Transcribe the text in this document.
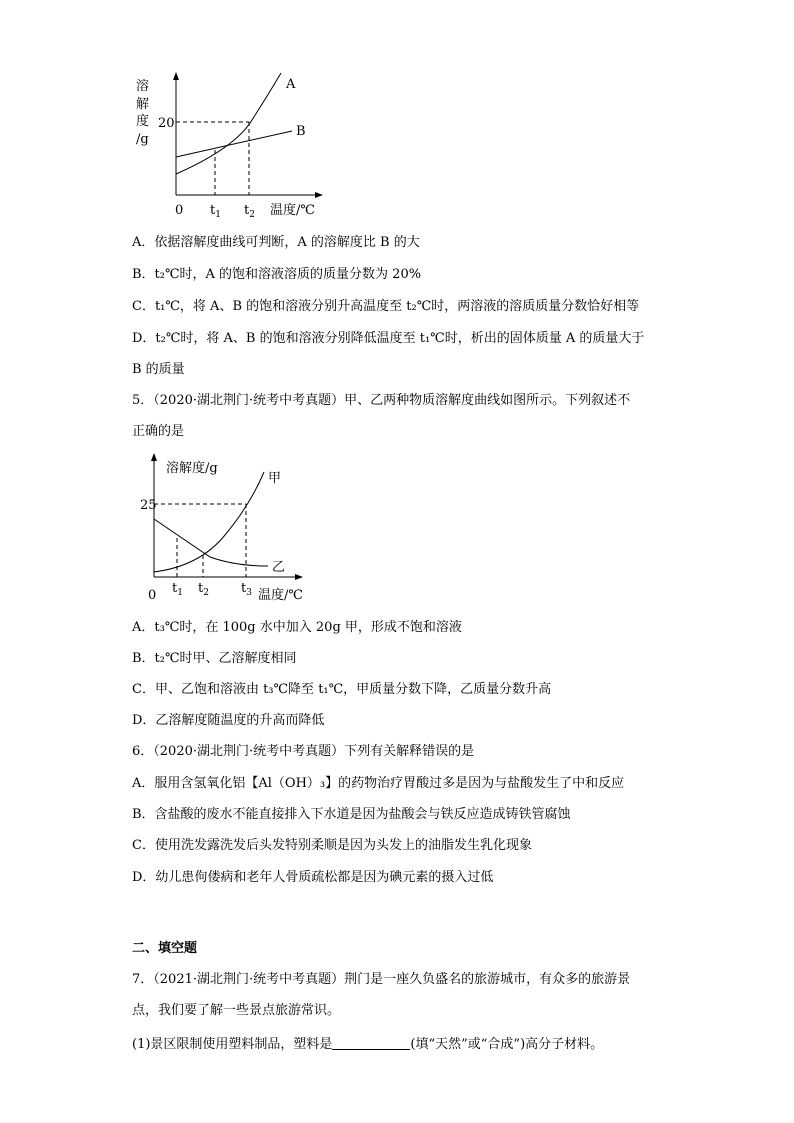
溶
解
度
/g
20
A
B
0 $t_1$ $t_2$ 温度/℃
A．依据溶解度曲线可判断，A 的溶解度比 B 的大
B．t₂℃时，A 的饱和溶液溶质的质量分数为 20%
C．t₁℃，将 A、B 的饱和溶液分别升高温度至 t₂℃时，两溶液的溶质质量分数恰好相等
D．t₂℃时，将 A、B 的饱和溶液分别降低温度至 t₁℃时，析出的固体质量 A 的质量大于
B 的质量
5．（2020·湖北荆门·统考中考真题）甲、乙两种物质溶解度曲线如图所示。下列叙述不
正确的是
溶解度/g
25
甲
乙
0 $t_1$ $t_2$ $t_3$ 温度/℃
A．t₃℃时，在 100g 水中加入 20g 甲，形成不饱和溶液
B．t₂℃时甲、乙溶解度相同
C．甲、乙饱和溶液由 t₃℃降至 t₁℃，甲质量分数下降，乙质量分数升高
D．乙溶解度随温度的升高而降低
6．（2020·湖北荆门·统考中考真题）下列有关解释错误的是
A．服用含氢氧化铝【Al（OH）₃】的药物治疗胃酸过多是因为与盐酸发生了中和反应
B．含盐酸的废水不能直接排入下水道是因为盐酸会与铁反应造成铸铁管腐蚀
C．使用洗发露洗发后头发特别柔顺是因为头发上的油脂发生乳化现象
D．幼儿患佝偻病和老年人骨质疏松都是因为碘元素的摄入过低
二、填空题
7．（2021·湖北荆门·统考中考真题）荆门是一座久负盛名的旅游城市，有众多的旅游景
点，我们要了解一些景点旅游常识。
(1)景区限制使用塑料制品，塑料是	(填“天然”或“合成”)高分子材料。
